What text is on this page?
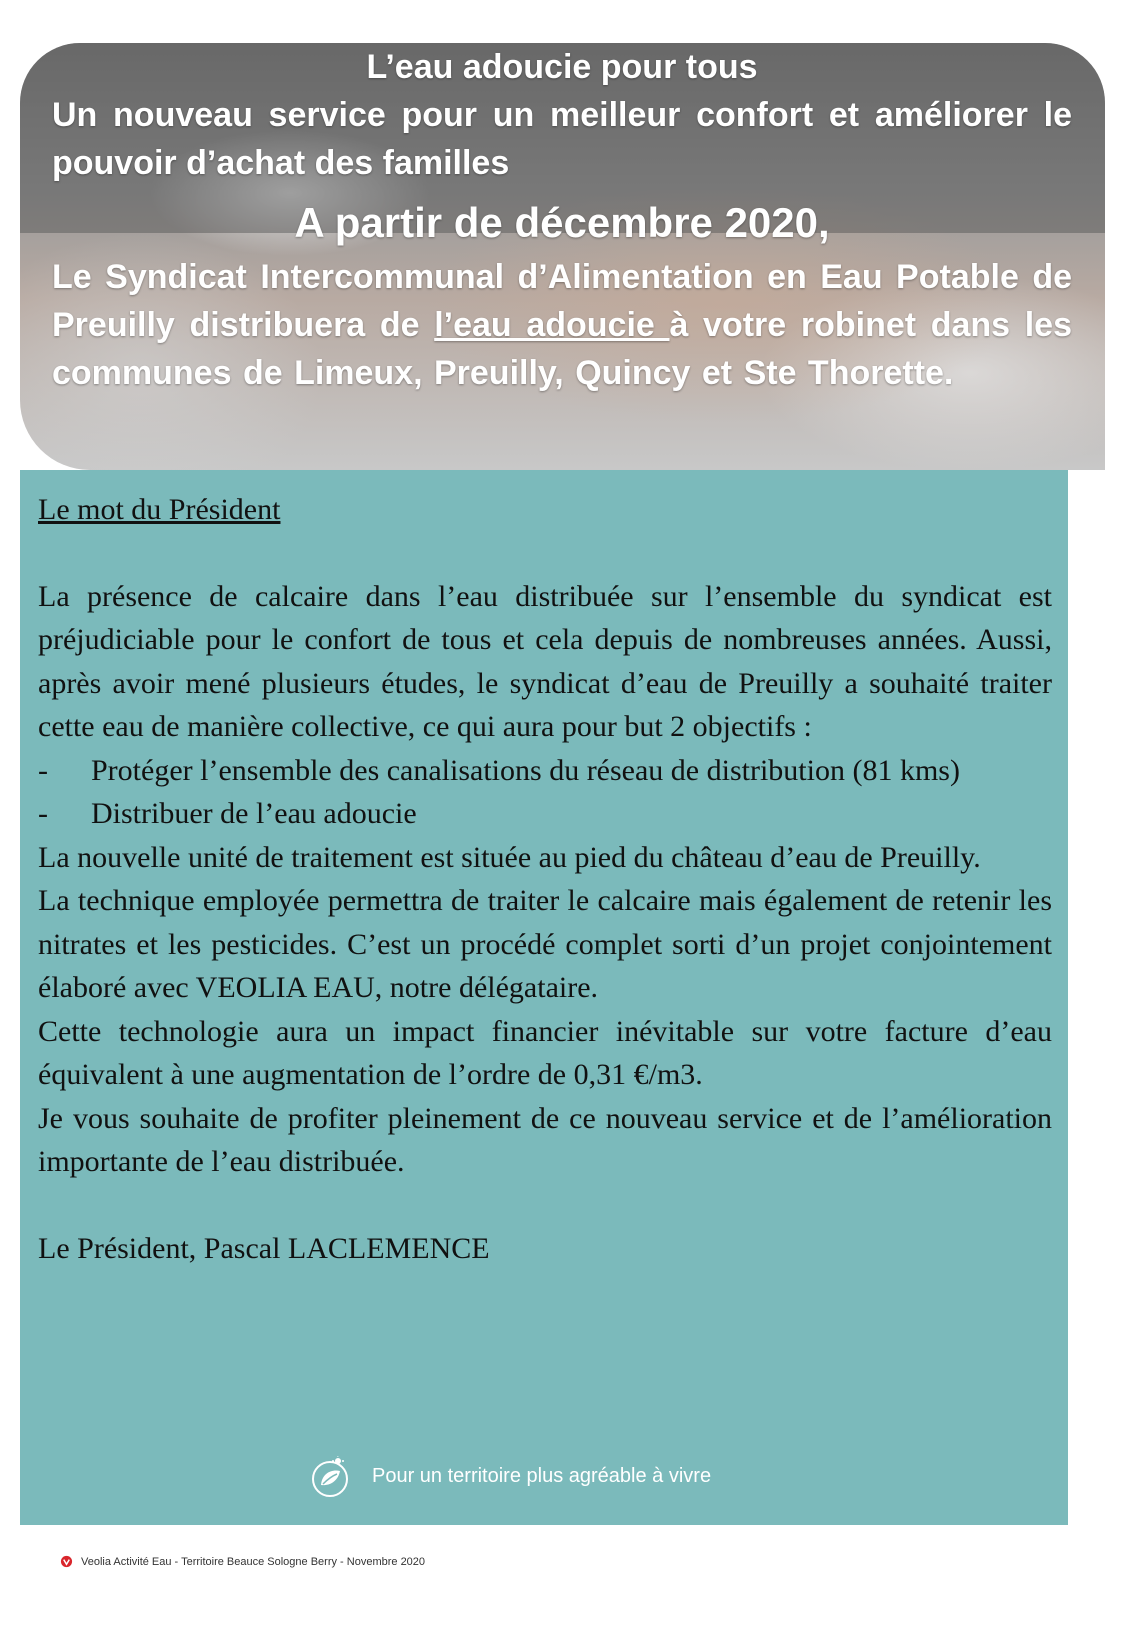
L’eau adoucie pour tous
Un nouveau service pour un meilleur confort et améliorer le pouvoir d’achat des familles
A partir de décembre 2020,
Le Syndicat Intercommunal d’Alimentation en Eau Potable de Preuilly distribuera de l’eau adoucie à votre robinet dans les communes de Limeux, Preuilly, Quincy et Ste Thorette.
Le mot du Président
La présence de calcaire dans l’eau distribuée sur l’ensemble du syndicat est préjudiciable pour le confort de tous et cela depuis de nombreuses années. Aussi, après avoir mené plusieurs études, le syndicat d’eau de Preuilly a souhaité traiter cette eau de manière collective, ce qui aura pour but 2 objectifs :
-	Protéger l’ensemble des canalisations du réseau de distribution (81 kms)
-	Distribuer de l’eau adoucie
La nouvelle unité de traitement est située au pied du château d’eau de Preuilly.
La technique employée permettra de traiter le calcaire mais également de retenir les nitrates et les pesticides. C’est un procédé complet sorti d’un projet conjointement élaboré avec VEOLIA EAU, notre délégataire.
Cette technologie aura un impact financier inévitable sur votre facture d’eau équivalent à une augmentation de l’ordre de 0,31 €/m3.
Je vous souhaite de profiter pleinement de ce nouveau service et de l’amélioration importante de l’eau distribuée.
Le Président, Pascal LACLEMENCE
Pour un territoire plus agréable à vivre
Veolia Activité Eau - Territoire Beauce Sologne Berry - Novembre 2020
